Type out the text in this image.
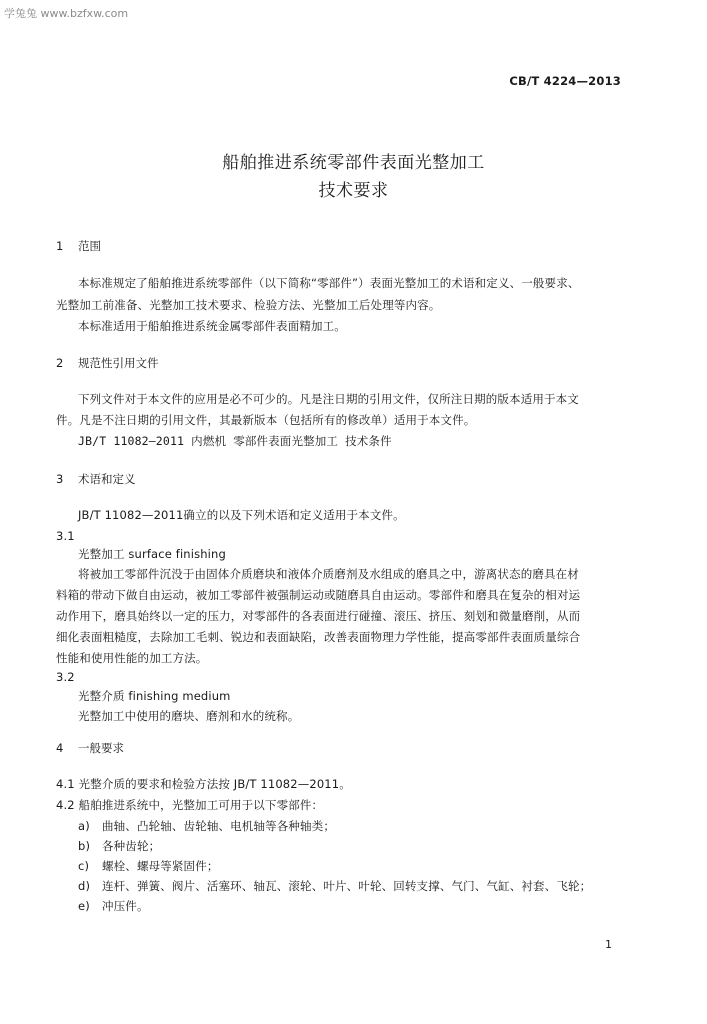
学兔兔 www.bzfxw.com
CB/T 4224—2013
船舶推进系统零部件表面光整加工
技术要求
1 范围
本标准规定了船舶推进系统零部件（以下简称“零部件”）表面光整加工的术语和定义、一般要求、
光整加工前准备、光整加工技术要求、检验方法、光整加工后处理等内容。
本标准适用于船舶推进系统金属零部件表面精加工。
2 规范性引用文件
下列文件对于本文件的应用是必不可少的。凡是注日期的引用文件，仅所注日期的版本适用于本文
件。凡是不注日期的引用文件，其最新版本（包括所有的修改单）适用于本文件。
JB/T 11082—2011 内燃机 零部件表面光整加工 技术条件
3 术语和定义
JB/T 11082—2011确立的以及下列术语和定义适用于本文件。
3.1
光整加工 surface finishing
将被加工零部件沉没于由固体介质磨块和液体介质磨剂及水组成的磨具之中，游离状态的磨具在材
料箱的带动下做自由运动，被加工零部件被强制运动或随磨具自由运动。零部件和磨具在复杂的相对运
动作用下，磨具始终以一定的压力，对零部件的各表面进行碰撞、滚压、挤压、刻划和微量磨削，从而
细化表面粗糙度，去除加工毛刺、锐边和表面缺陷，改善表面物理力学性能，提高零部件表面质量综合
性能和使用性能的加工方法。
3.2
光整介质 finishing medium
光整加工中使用的磨块、磨剂和水的统称。
4 一般要求
4.1 光整介质的要求和检验方法按 JB/T 11082—2011。
4.2 船舶推进系统中，光整加工可用于以下零部件：
a) 曲轴、凸轮轴、齿轮轴、电机轴等各种轴类；
b) 各种齿轮；
c) 螺栓、螺母等紧固件；
d) 连杆、弹簧、阀片、活塞环、轴瓦、滚轮、叶片、叶轮、回转支撑、气门、气缸、衬套、飞轮；
e) 冲压件。
1
